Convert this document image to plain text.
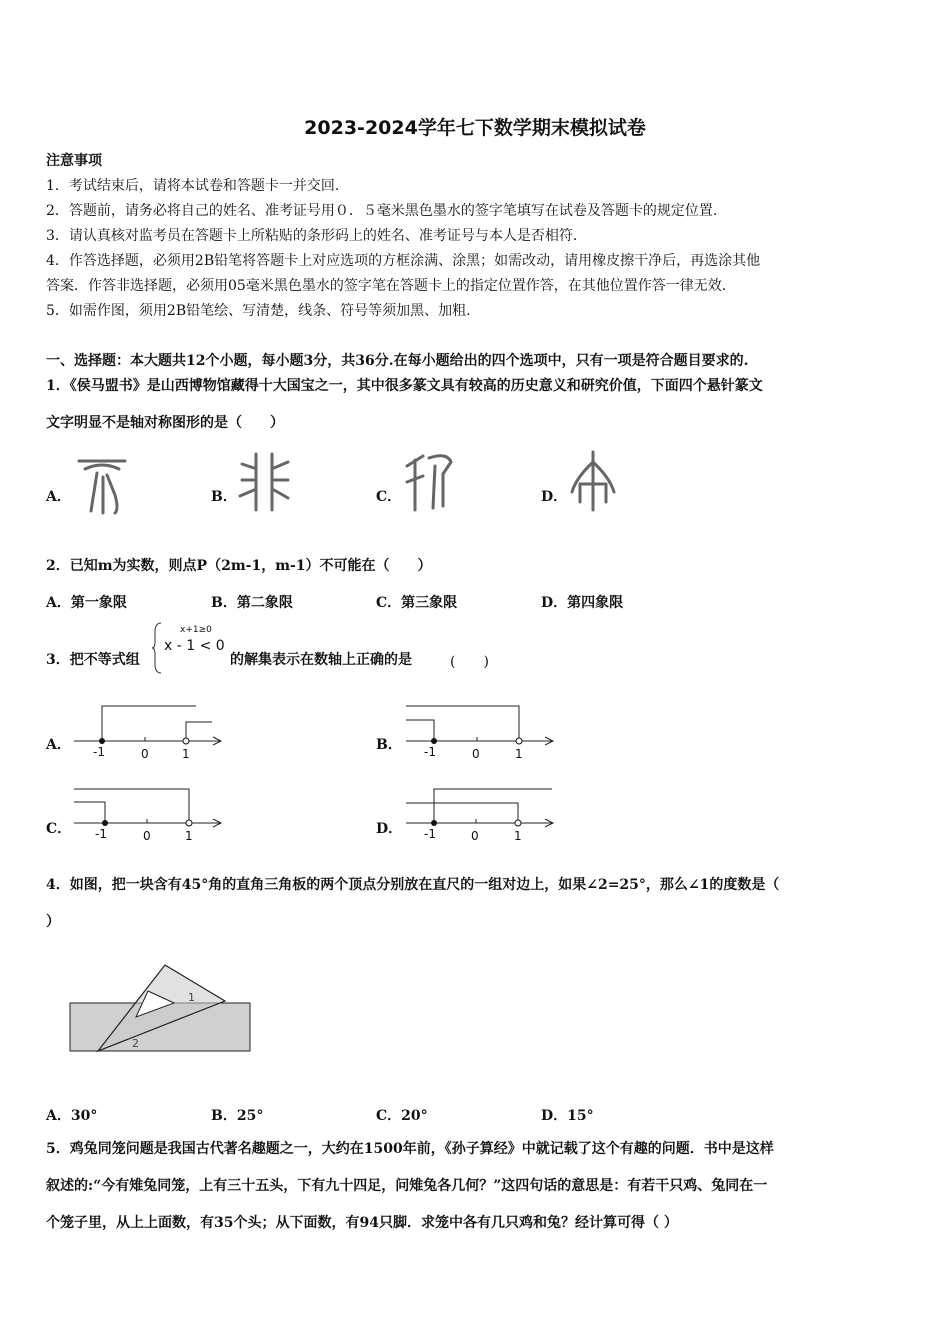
2023-2024学年七下数学期末模拟试卷
注意事项
1．考试结束后，请将本试卷和答题卡一并交回.
2．答题前，请务必将自己的姓名、准考证号用０．５毫米黑色墨水的签字笔填写在试卷及答题卡的规定位置.
3．请认真核对监考员在答题卡上所粘贴的条形码上的姓名、准考证号与本人是否相符.
4．作答选择题，必须用2B铅笔将答题卡上对应选项的方框涂满、涂黑；如需改动，请用橡皮擦干净后，再选涂其他
答案．作答非选择题，必须用05毫米黑色墨水的签字笔在答题卡上的指定位置作答，在其他位置作答一律无效.
5．如需作图，须用2B铅笔绘、写清楚，线条、符号等须加黑、加粗.
一、选择题：本大题共12个小题，每小题3分，共36分.在每小题给出的四个选项中，只有一项是符合题目要求的.
1．《侯马盟书》是山西博物馆藏得十大国宝之一，其中很多篆文具有较高的历史意义和研究价值，下面四个悬针篆文
文字明显不是轴对称图形的是（　　）
A．	B．	C．	D．
2．已知m为实数，则点P（2m-1，m-1）不可能在（　　）
A．第一象限	B．第二象限	C．第三象限	D．第四象限
3．把不等式组
x+1≥0
x - 1 < 0
的解集表示在数轴上正确的是	(　　)
A． -1	0	1	-1	0	1
-1	0	1	-1	0	1
B．
C．	D．
4．如图，把一块含有45°角的直角三角板的两个顶点分别放在直尺的一组对边上，如果∠2=25°，那么∠1的度数是（
）
1
2
A．30°	B．25°	C．20°	D．15°
5．鸡兔同笼问题是我国古代著名趣题之一，大约在1500年前，《孙子算经》中就记载了这个有趣的问题．书中是这样
叙述的:“今有雉兔同笼，上有三十五头，下有九十四足，问雉兔各几何？”这四句话的意思是：有若干只鸡、兔同在一
个笼子里，从上上面数，有35个头；从下面数，有94只脚．求笼中各有几只鸡和兔？经计算可得（ ）
